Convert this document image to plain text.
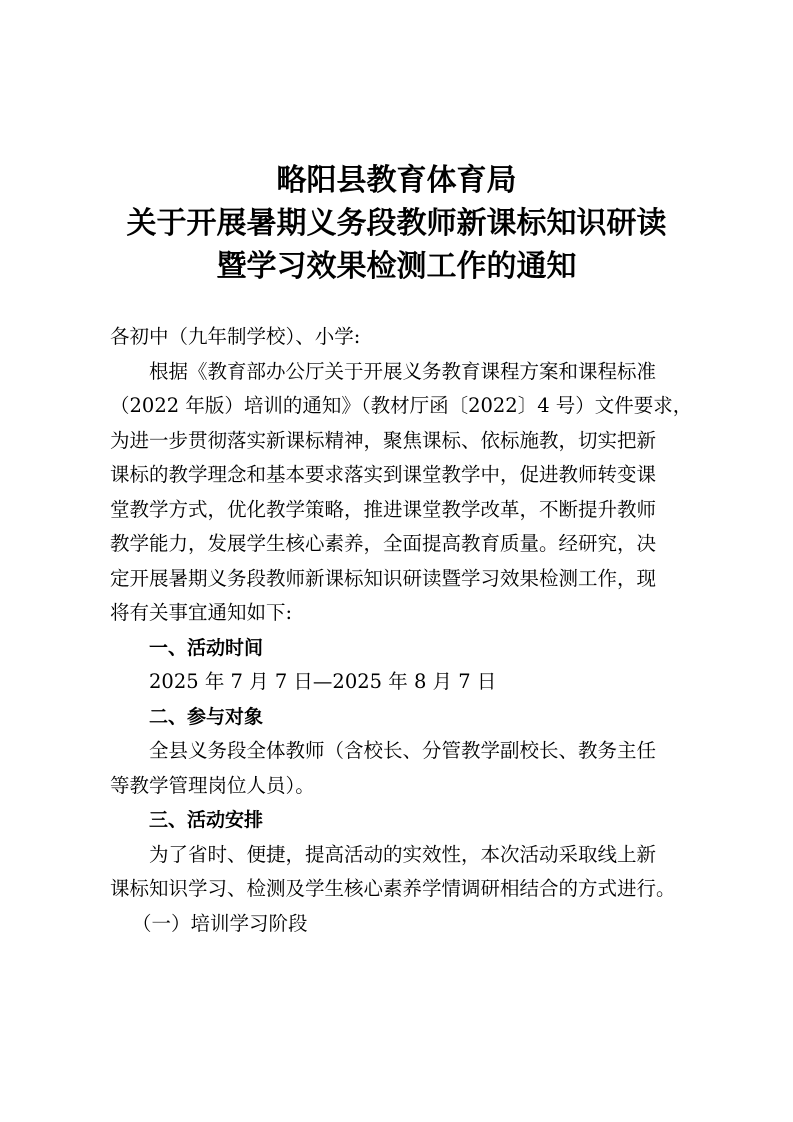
略阳县教育体育局
关于开展暑期义务段教师新课标知识研读
暨学习效果检测工作的通知
各初中（九年制学校）、小学:
根据《教育部办公厅关于开展义务教育课程方案和课程标准
（2022 年版）培训的通知》（教材厅函〔2022〕4 号）文件要求，
为进一步贯彻落实新课标精神，聚焦课标、依标施教，切实把新
课标的教学理念和基本要求落实到课堂教学中，促进教师转变课
堂教学方式，优化教学策略，推进课堂教学改革，不断提升教师
教学能力，发展学生核心素养，全面提高教育质量。经研究，决
定开展暑期义务段教师新课标知识研读暨学习效果检测工作，现
将有关事宜通知如下:
一、活动时间
2025 年 7 月 7 日—2025 年 8 月 7 日
二、参与对象
全县义务段全体教师（含校长、分管教学副校长、教务主任
等教学管理岗位人员）。
三、活动安排
为了省时、便捷，提高活动的实效性，本次活动采取线上新
课标知识学习、检测及学生核心素养学情调研相结合的方式进行。
（一）培训学习阶段
